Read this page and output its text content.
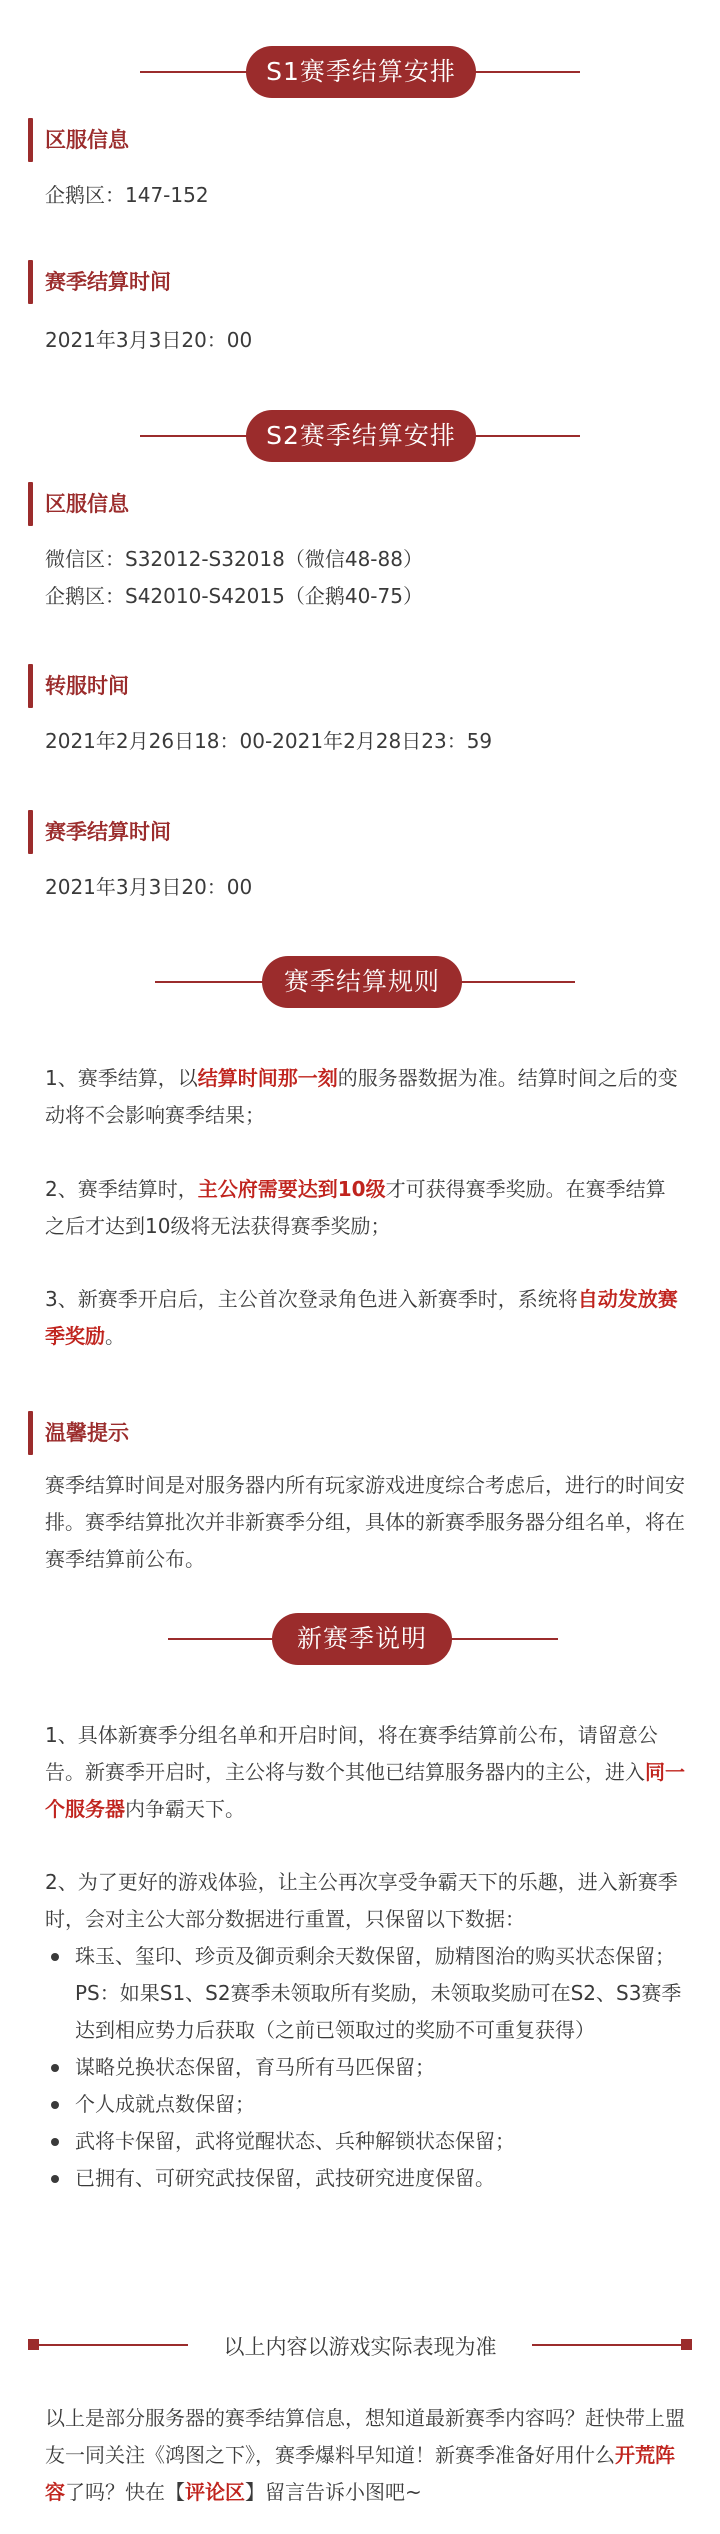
S1赛季结算安排
区服信息
企鹅区：147-152
赛季结算时间
2021年3月3日20：00
S2赛季结算安排
区服信息
微信区：S32012-S32018（微信48-88）
企鹅区：S42010-S42015（企鹅40-75）
转服时间
2021年2月26日18：00-2021年2月28日23：59
赛季结算时间
2021年3月3日20：00
赛季结算规则
1、赛季结算，以结算时间那一刻的服务器数据为准。结算时间之后的变动将不会影响赛季结果；
2、赛季结算时，主公府需要达到10级才可获得赛季奖励。在赛季结算之后才达到10级将无法获得赛季奖励；
3、新赛季开启后，主公首次登录角色进入新赛季时，系统将自动发放赛季奖励。
温馨提示
赛季结算时间是对服务器内所有玩家游戏进度综合考虑后，进行的时间安排。赛季结算批次并非新赛季分组，具体的新赛季服务器分组名单，将在赛季结算前公布。
新赛季说明
1、具体新赛季分组名单和开启时间，将在赛季结算前公布，请留意公告。新赛季开启时，主公将与数个其他已结算服务器内的主公，进入同一个服务器内争霸天下。
2、为了更好的游戏体验，让主公再次享受争霸天下的乐趣，进入新赛季时，会对主公大部分数据进行重置，只保留以下数据：
珠玉、玺印、珍贡及御贡剩余天数保留，励精图治的购买状态保留；
PS：如果S1、S2赛季未领取所有奖励，未领取奖励可在S2、S3赛季达到相应势力后获取（之前已领取过的奖励不可重复获得）
谋略兑换状态保留，育马所有马匹保留；
个人成就点数保留；
武将卡保留，武将觉醒状态、兵种解锁状态保留；
已拥有、可研究武技保留，武技研究进度保留。
以上内容以游戏实际表现为准
以上是部分服务器的赛季结算信息，想知道最新赛季内容吗？赶快带上盟友一同关注《鸿图之下》，赛季爆料早知道！新赛季准备好用什么开荒阵容了吗？快在【评论区】留言告诉小图吧~
